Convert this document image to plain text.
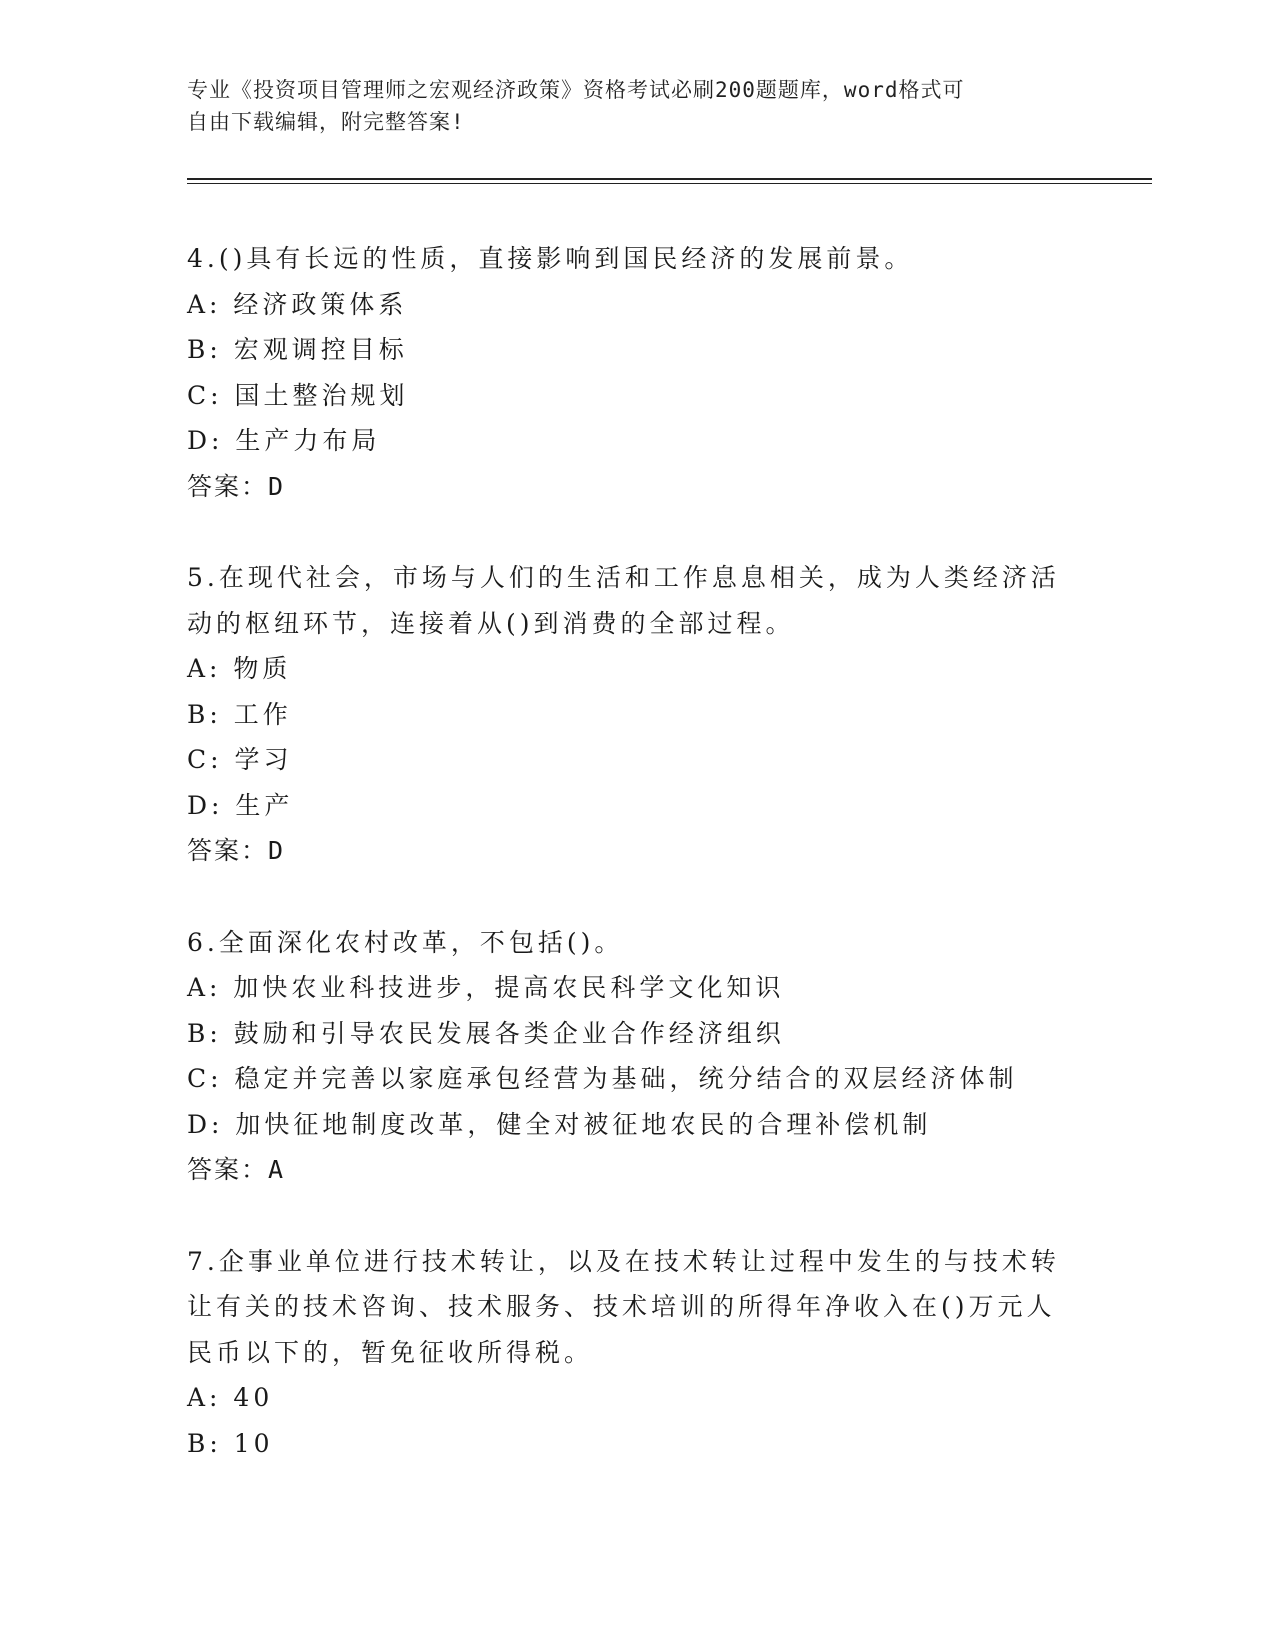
专业《投资项目管理师之宏观经济政策》资格考试必刷200题题库，word格式可
自由下载编辑，附完整答案!
4.()具有长远的性质，直接影响到国民经济的发展前景。
A: 经济政策体系
B: 宏观调控目标
C: 国土整治规划
D: 生产力布局
答案：D
5.在现代社会，市场与人们的生活和工作息息相关，成为人类经济活
动的枢纽环节，连接着从()到消费的全部过程。
A: 物质
B: 工作
C: 学习
D: 生产
答案：D
6.全面深化农村改革，不包括()。
A: 加快农业科技进步，提高农民科学文化知识
B: 鼓励和引导农民发展各类企业合作经济组织
C: 稳定并完善以家庭承包经营为基础，统分结合的双层经济体制
D: 加快征地制度改革，健全对被征地农民的合理补偿机制
答案：A
7.企事业单位进行技术转让，以及在技术转让过程中发生的与技术转
让有关的技术咨询、技术服务、技术培训的所得年净收入在()万元人
民币以下的，暂免征收所得税。
A: 40
B: 10
